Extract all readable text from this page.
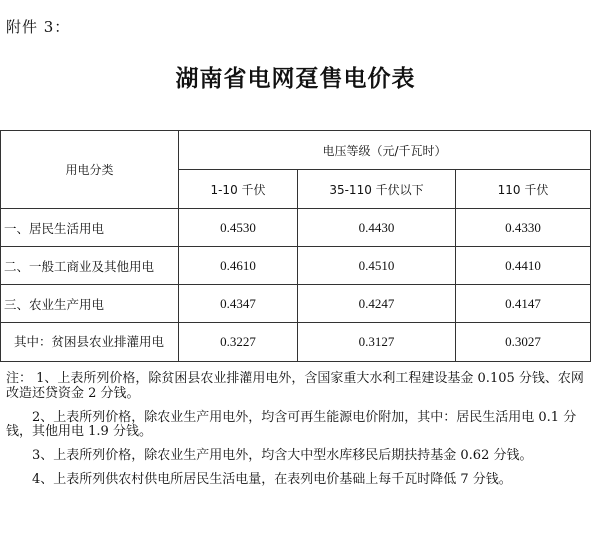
附件 3：
湖南省电网趸售电价表
用电分类	电压等级（元/千瓦时）		
	1-10 千伏	35-110 千伏以下	110 千伏
一、居民生活用电	0.4530	0.4430	0.4330
二、一般工商业及其他用电	0.4610	0.4510	0.4410
三、农业生产用电	0.4347	0.4247	0.4147
其中：贫困县农业排灌用电	0.3227	0.3127	0.3027

注： 1、上表所列价格，除贫困县农业排灌用电外，含国家重大水利工程建设基金 0.105 分钱、农网改造还贷资金 2 分钱。

2、上表所列价格，除农业生产用电外，均含可再生能源电价附加，其中：居民生活用电 0.1 分钱，其他用电 1.9 分钱。

3、上表所列价格，除农业生产用电外，均含大中型水库移民后期扶持基金 0.62 分钱。

4、上表所列供农村供电所居民生活电量，在表列电价基础上每千瓦时降低 7 分钱。
